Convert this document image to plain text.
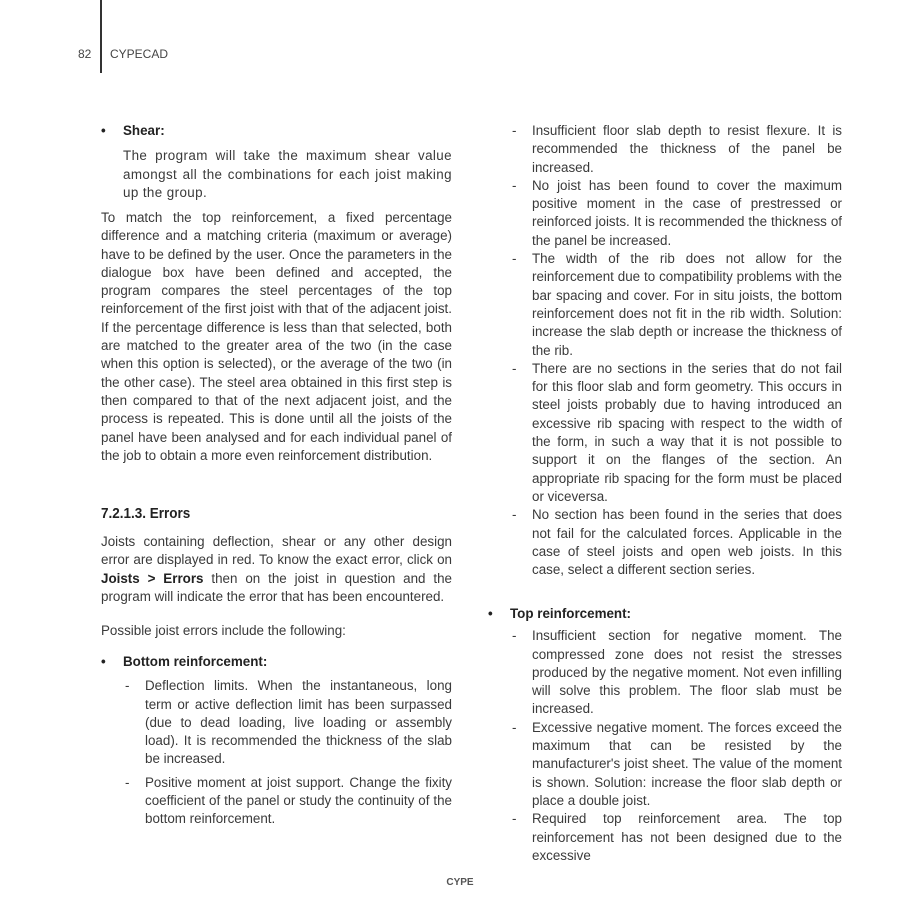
82 CYPECAD
• Shear:

The program will take the maximum shear value amongst all the combinations for each joist making up the group.

To match the top reinforcement, a fixed percentage difference and a matching criteria (maximum or average) have to be defined by the user. Once the parameters in the dialogue box have been defined and accepted, the program compares the steel percentages of the top reinforcement of the first joist with that of the adjacent joist. If the percentage difference is less than that selected, both are matched to the greater area of the two (in the case when this option is selected), or the average of the two (in the other case). The steel area obtained in this first step is then compared to that of the next adjacent joist, and the process is repeated. This is done until all the joists of the panel have been analysed and for each individual panel of the job to obtain a more even reinforcement distribution.

7.2.1.3. Errors

Joists containing deflection, shear or any other design error are displayed in red. To know the exact error, click on Joists > Errors then on the joist in question and the program will indicate the error that has been encountered.

Possible joist errors include the following:

• Bottom reinforcement:

- Deflection limits. When the instantaneous, long term or active deflection limit has been surpassed (due to dead loading, live loading or assembly load). It is recommended the thickness of the slab be increased.

- Positive moment at joist support. Change the fixity coefficient of the panel or study the continuity of the bottom reinforcement.

- Insufficient floor slab depth to resist flexure. It is recommended the thickness of the panel be increased.

- No joist has been found to cover the maximum positive moment in the case of prestressed or reinforced joists. It is recommended the thickness of the panel be increased.

- The width of the rib does not allow for the reinforcement due to compatibility problems with the bar spacing and cover. For in situ joists, the bottom reinforcement does not fit in the rib width. Solution: increase the slab depth or increase the thickness of the rib.

- There are no sections in the series that do not fail for this floor slab and form geometry. This occurs in steel joists probably due to having introduced an excessive rib spacing with respect to the width of the form, in such a way that it is not possible to support it on the flanges of the section. An appropriate rib spacing for the form must be placed or viceversa.

- No section has been found in the series that does not fail for the calculated forces. Applicable in the case of steel joists and open web joists. In this case, select a different section series.

• Top reinforcement:

- Insufficient section for negative moment. The compressed zone does not resist the stresses produced by the negative moment. Not even infilling will solve this problem. The floor slab must be increased.

- Excessive negative moment. The forces exceed the maximum that can be resisted by the manufacturer's joist sheet. The value of the moment is shown. Solution: increase the floor slab depth or place a double joist.

- Required top reinforcement area. The top reinforcement has not been designed due to the excessive

CYPE
